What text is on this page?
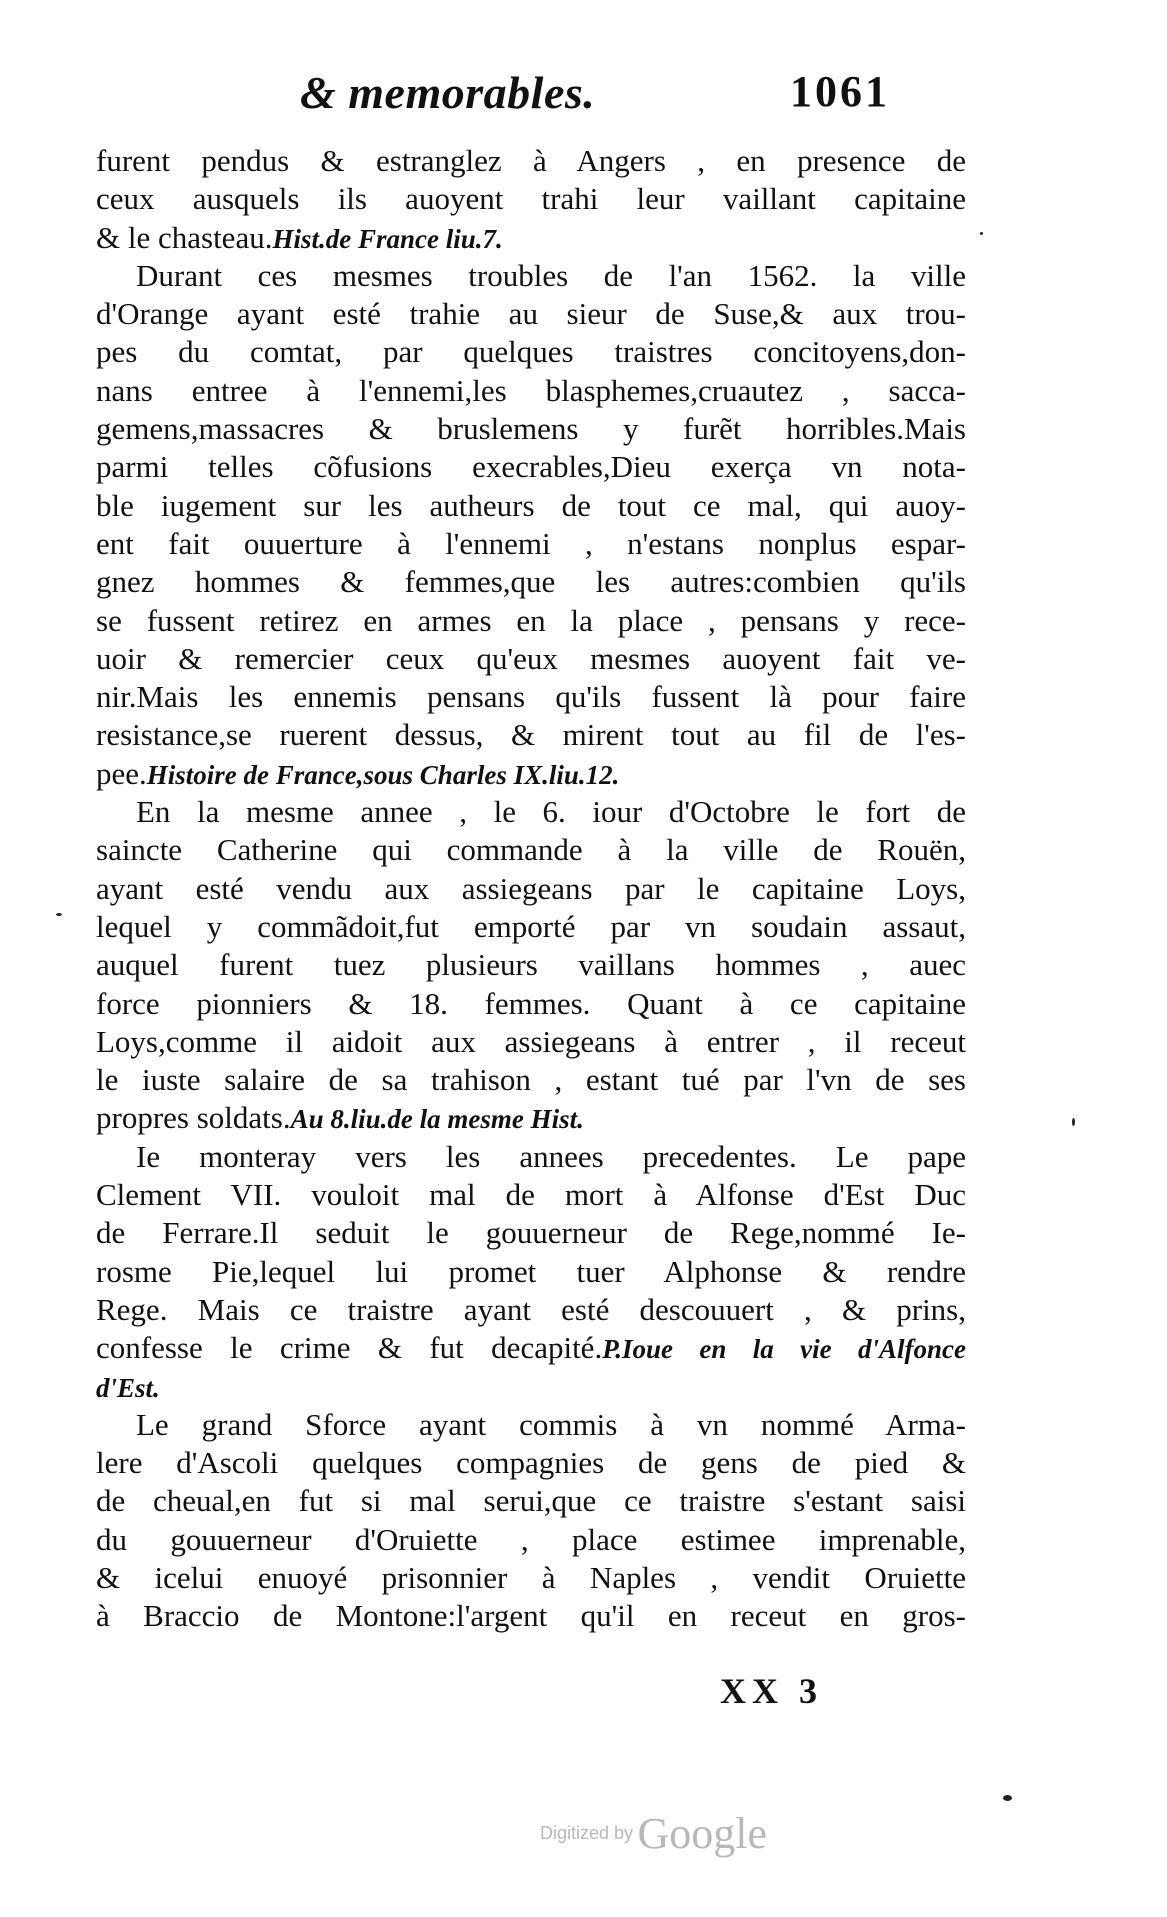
& memorables.	1061
furent pendus & estranglez à Angers , en presence de
ceux ausquels ils auoyent trahi leur vaillant capitaine
& le chasteau.Hist.de France liu.7.
Durant ces mesmes troubles de l'an 1562. la ville
d'Orange ayant esté trahie au sieur de Suse,& aux trou-
pes du comtat, par quelques traistres concitoyens,don-
nans entree à l'ennemi,les blasphemes,cruautez , sacca-
gemens,massacres & bruslemens y furẽt horribles.Mais
parmi telles cõfusions execrables,Dieu exerça vn nota-
ble iugement sur les autheurs de tout ce mal, qui auoy-
ent fait ouuerture à l'ennemi , n'estans nonplus espar-
gnez hommes & femmes,que les autres:combien qu'ils
se fussent retirez en armes en la place , pensans y rece-
uoir & remercier ceux qu'eux mesmes auoyent fait ve-
nir.Mais les ennemis pensans qu'ils fussent là pour faire
resistance,se ruerent dessus, & mirent tout au fil de l'es-
pee.Histoire de France,sous Charles IX.liu.12.
En la mesme annee , le 6. iour d'Octobre le fort de
saincte Catherine qui commande à la ville de Rouën,
ayant esté vendu aux assiegeans par le capitaine Loys,
lequel y commãdoit,fut emporté par vn soudain assaut,
auquel furent tuez plusieurs vaillans hommes , auec
force pionniers & 18. femmes. Quant à ce capitaine
Loys,comme il aidoit aux assiegeans à entrer , il receut
le iuste salaire de sa trahison , estant tué par l'vn de ses
propres soldats.Au 8.liu.de la mesme Hist.
Ie monteray vers les annees precedentes. Le pape
Clement VII. vouloit mal de mort à Alfonse d'Est Duc
de Ferrare.Il seduit le gouuerneur de Rege,nommé Ie-
rosme Pie,lequel lui promet tuer Alphonse & rendre
Rege. Mais ce traistre ayant esté descouuert , & prins,
confesse le crime & fut decapité.P.Ioue en la vie d'Alfonce
d'Est.
Le grand Sforce ayant commis à vn nommé Arma-
lere d'Ascoli quelques compagnies de gens de pied &
de cheual,en fut si mal serui,que ce traistre s'estant saisi
du gouuerneur d'Oruiette , place estimee imprenable,
& icelui enuoyé prisonnier à Naples , vendit Oruiette
à Braccio de Montone:l'argent qu'il en receut en gros-
XX 3
Digitized by Google
